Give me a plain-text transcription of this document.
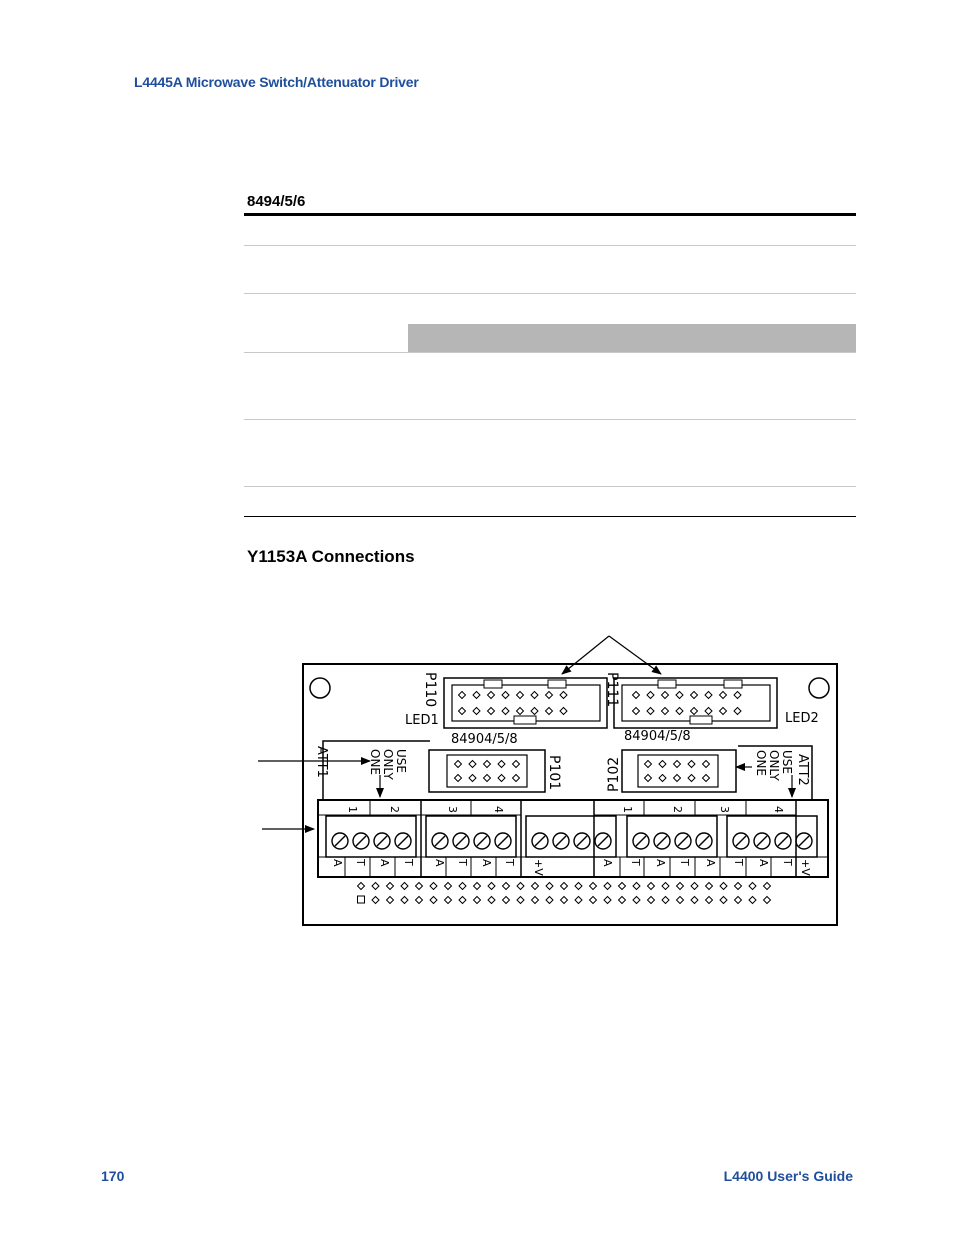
L4445A Microwave Switch/Attenuator Driver
8494/5/6
Y1153A Connections
P110	P111
LED1	LED2
84904/5/8	84904/5/8
P101	P102
USE
ONLY
ONE	USE
ONLY
ONE
ATT1	ATT2
1	2	3	4	1	2	3	4
A T A T A T A T +V	A T A T A T A T +V
170	L4400 User's Guide
